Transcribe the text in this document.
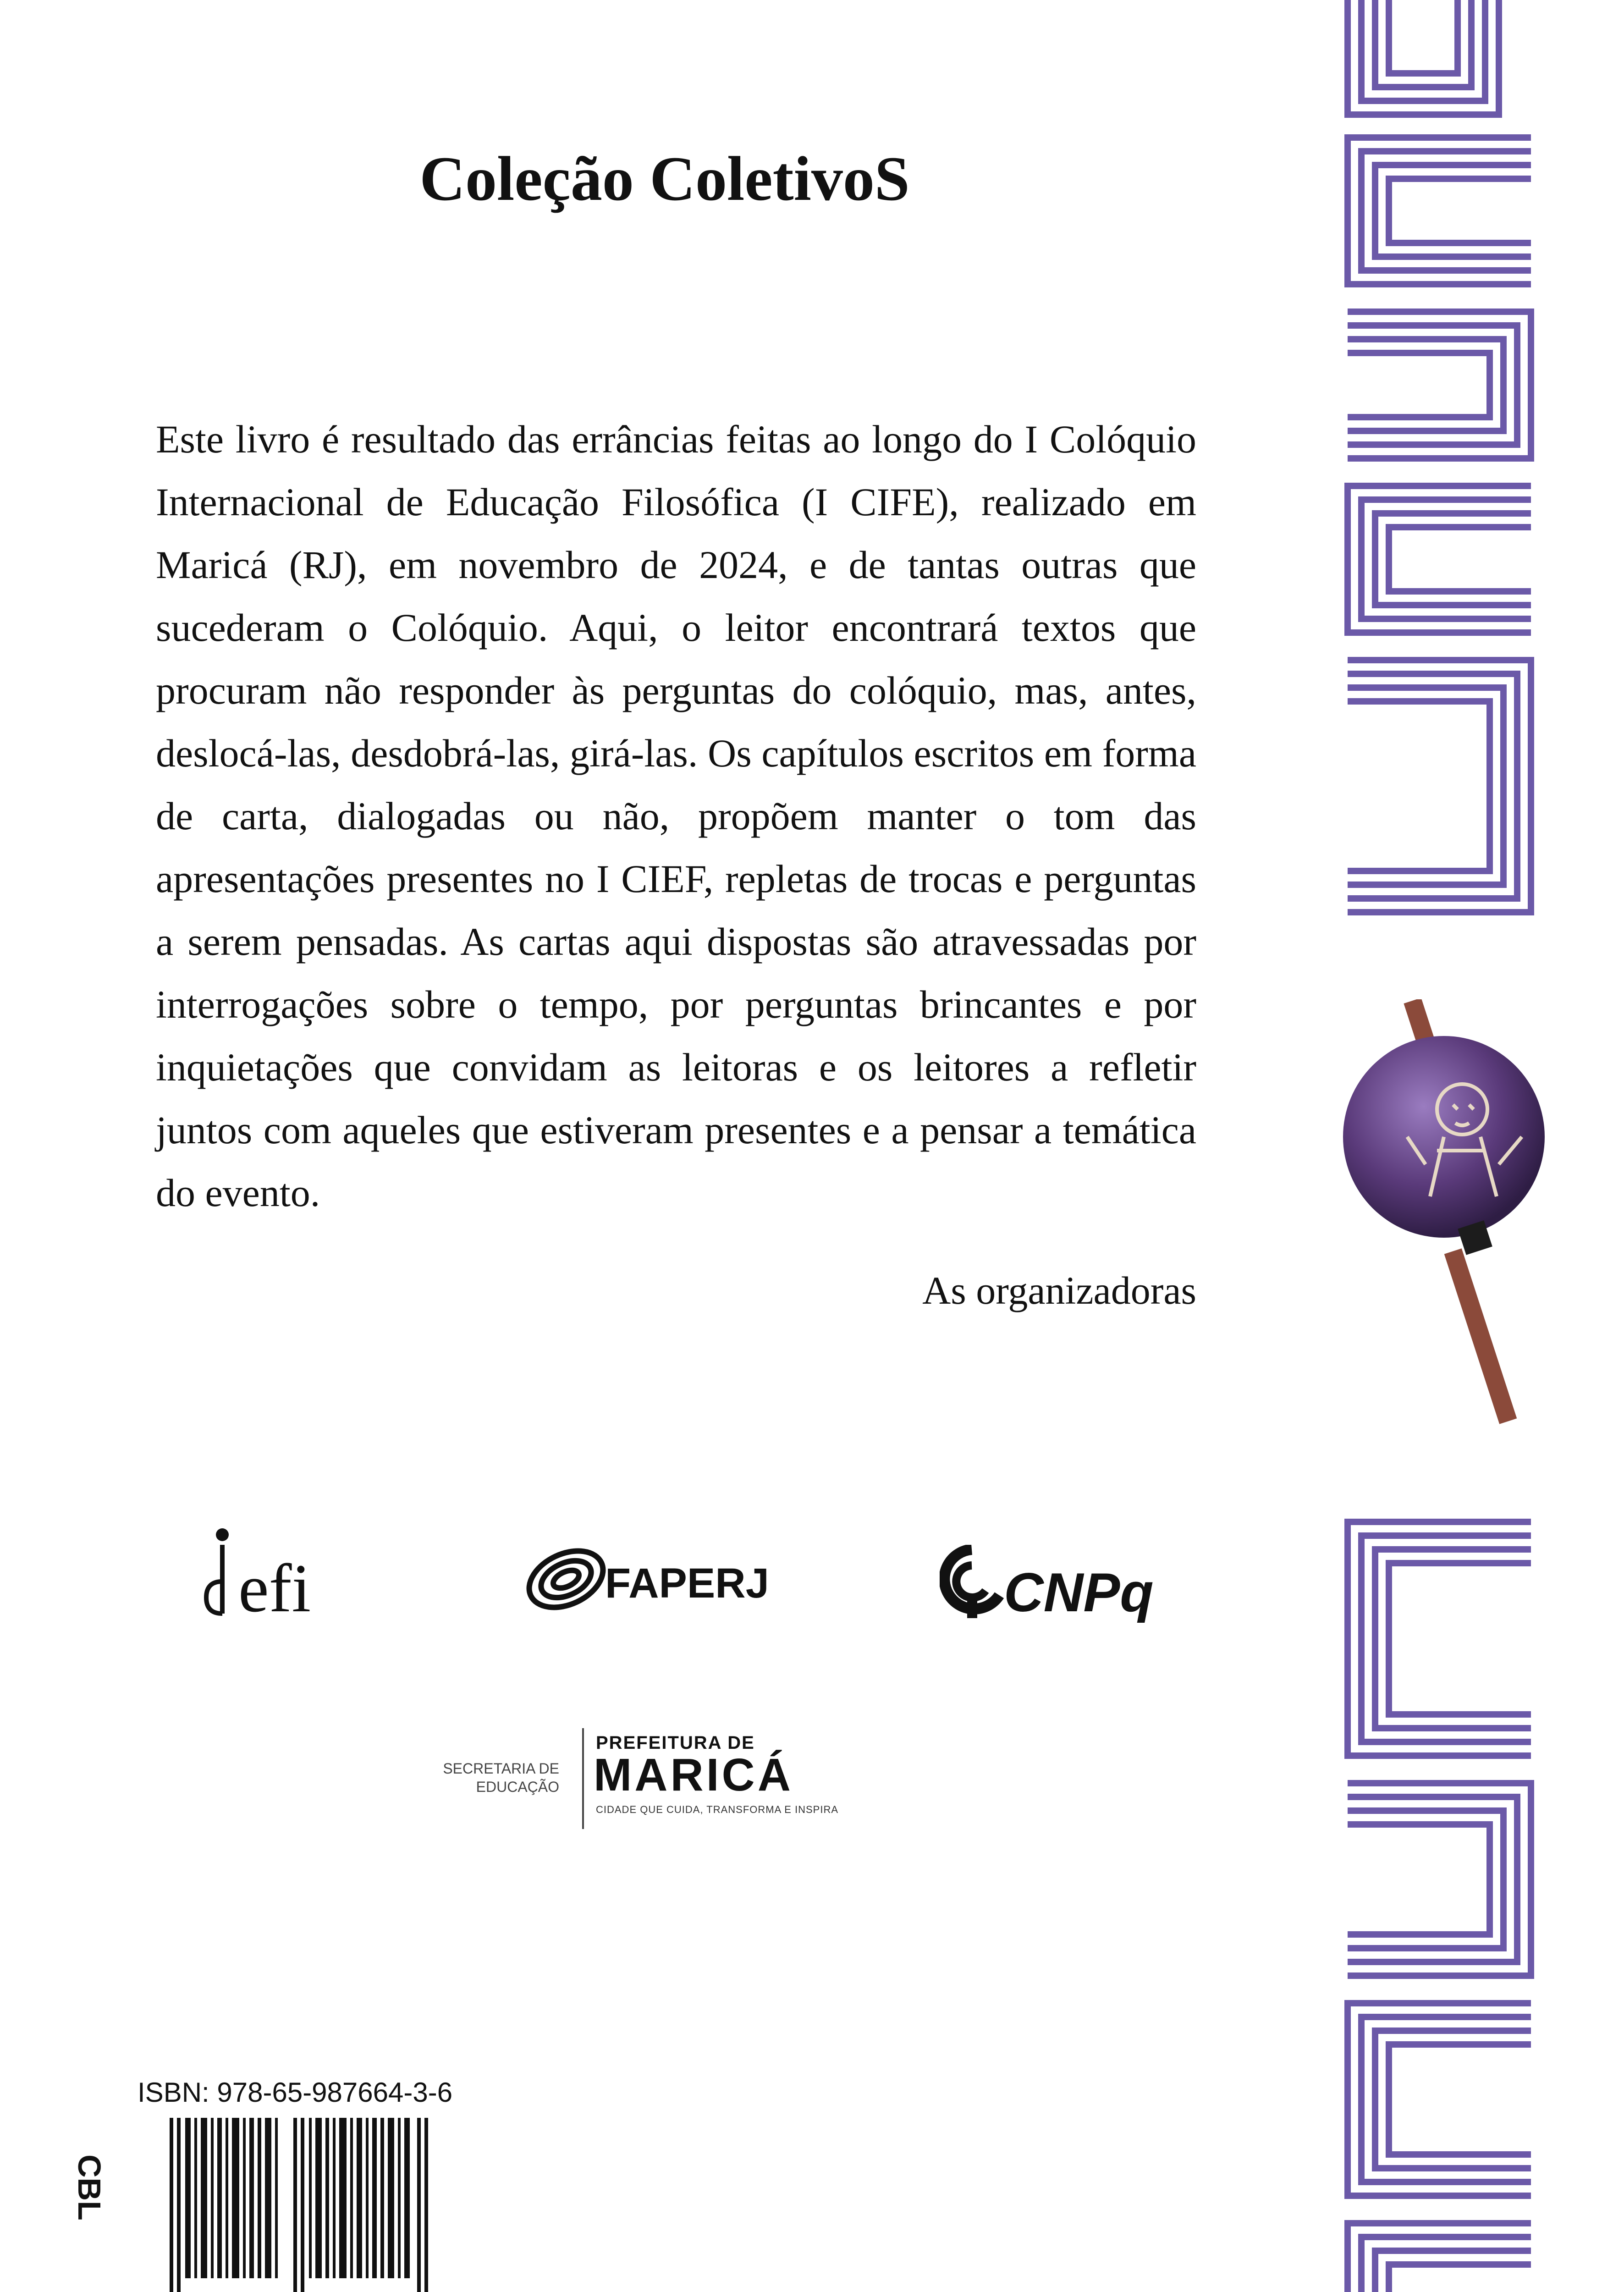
Coleção ColetivoS
Este livro é resultado das errâncias feitas ao longo do I Colóquio Internacional de Educação Filosófica (I CIFE), realizado em Maricá (RJ), em novembro de 2024, e de tantas outras que sucederam o Colóquio. Aqui, o leitor encontrará textos que procuram não responder às perguntas do colóquio, mas, antes, deslocá-las, desdobrá-las, girá-las. Os capítulos escritos em forma de carta, dialogadas ou não, propõem manter o tom das apresentações presentes no I CIEF, repletas de trocas e perguntas a serem pensadas. As cartas aqui dispostas são atravessadas por interrogações sobre o tempo, por perguntas brincantes e por inquietações que convidam as leitoras e os leitores a refletir juntos com aqueles que estiveram presentes e a pensar a temática do evento.
As organizadoras
efi	FAPERJ	CNPq
SECRETARIA DE
EDUCAÇÃO
PREFEITURA DE
MARICÁ
CIDADE QUE CUIDA, TRANSFORMA E INSPIRA
ISBN: 978-65-987664-3-6
CBL
